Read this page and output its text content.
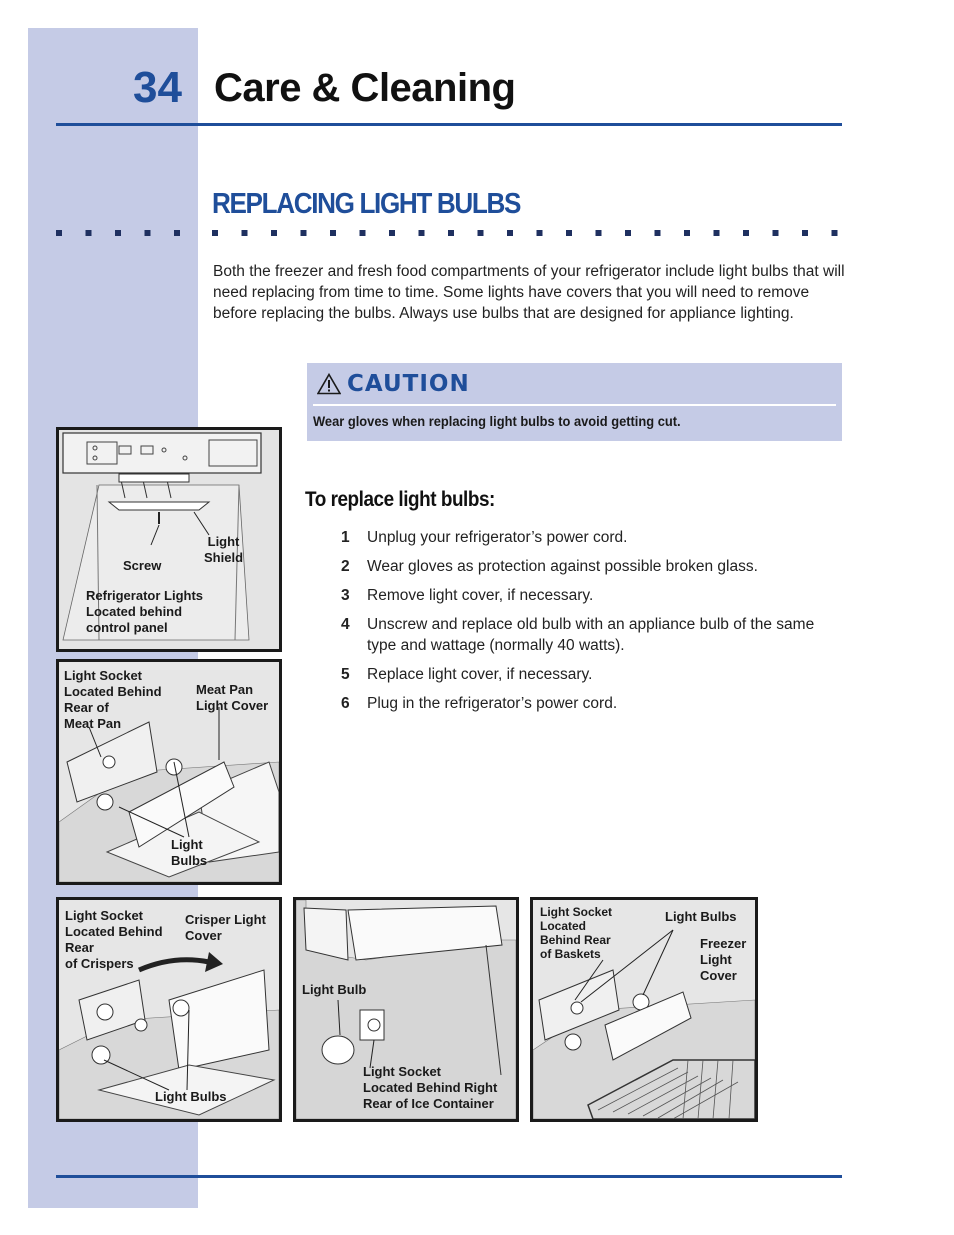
34 Care & Cleaning
REPLACING LIGHT BULBS
Both the freezer and fresh food compartments of your refrigerator include light bulbs that will need replacing from time to time. Some lights have covers that you will need to remove before replacing the bulbs. Always use bulbs that are designed for appliance lighting.
CAUTION
Wear gloves when replacing light bulbs to avoid getting cut.
To replace light bulbs:
1	Unplug your refrigerator’s power cord.
2	Wear gloves as protection against possible broken glass.
3	Remove light cover, if necessary.
4	Unscrew and replace old bulb with an appliance bulb of the same type and wattage (normally 40 watts).
5	Replace light cover, if necessary.
6	Plug in the refrigerator’s power cord.
Screw
Light
Shield
Refrigerator Lights
Located behind
control panel
Light Socket
Located Behind
Rear of
Meat Pan
Meat Pan
Light Cover
Light
Bulbs
Light Socket
Located Behind
Rear
of Crispers
Crisper Light
Cover
Light Bulbs
Light Bulb
Light Socket
Located Behind Right
Rear of Ice Container
Light Socket
Located
Behind Rear
of Baskets
Light Bulbs
Freezer
Light
Cover
